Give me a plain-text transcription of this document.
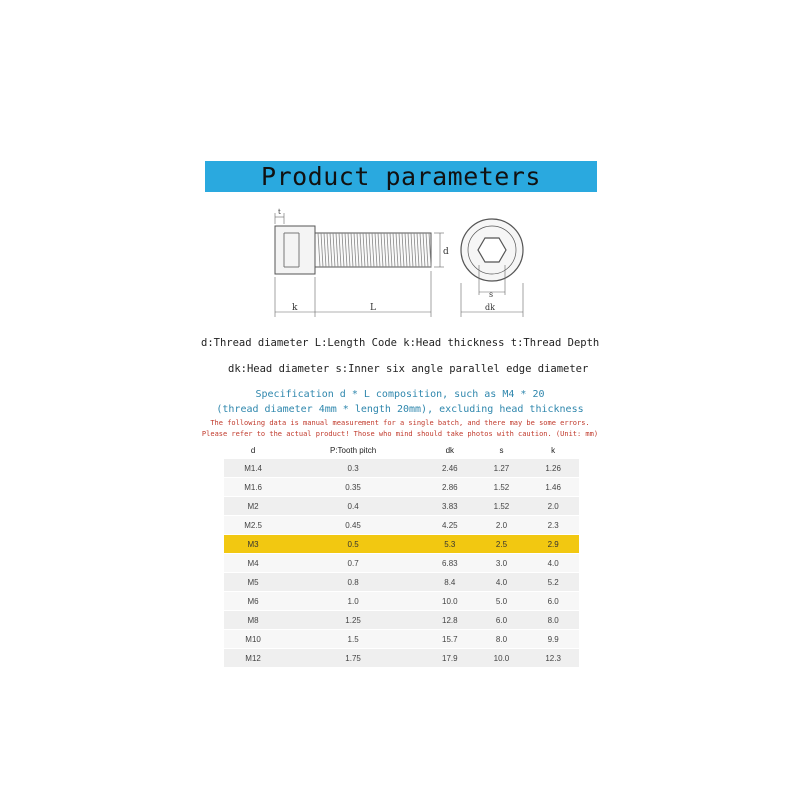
Product parameters
t
d
k	L
s
dk
d:Thread diameter L:Length Code k:Head thickness t:Thread Depth
dk:Head diameter s:Inner six angle parallel edge diameter
Specification d * L composition, such as M4 * 20
(thread diameter 4mm * length 20mm), excluding head thickness
The following data is manual measurement for a single batch, and there may be some errors.
Please refer to the actual product! Those who mind should take photos with caution. (Unit: mm)
d	P:Tooth pitch	dk	s	k
M1.4	0.3	2.46	1.27	1.26
M1.6	0.35	2.86	1.52	1.46
M2	0.4	3.83	1.52	2.0
M2.5	0.45	4.25	2.0	2.3
M3	0.5	5.3	2.5	2.9
M4	0.7	6.83	3.0	4.0
M5	0.8	8.4	4.0	5.2
M6	1.0	10.0	5.0	6.0
M8	1.25	12.8	6.0	8.0
M10	1.5	15.7	8.0	9.9
M12	1.75	17.9	10.0	12.3
